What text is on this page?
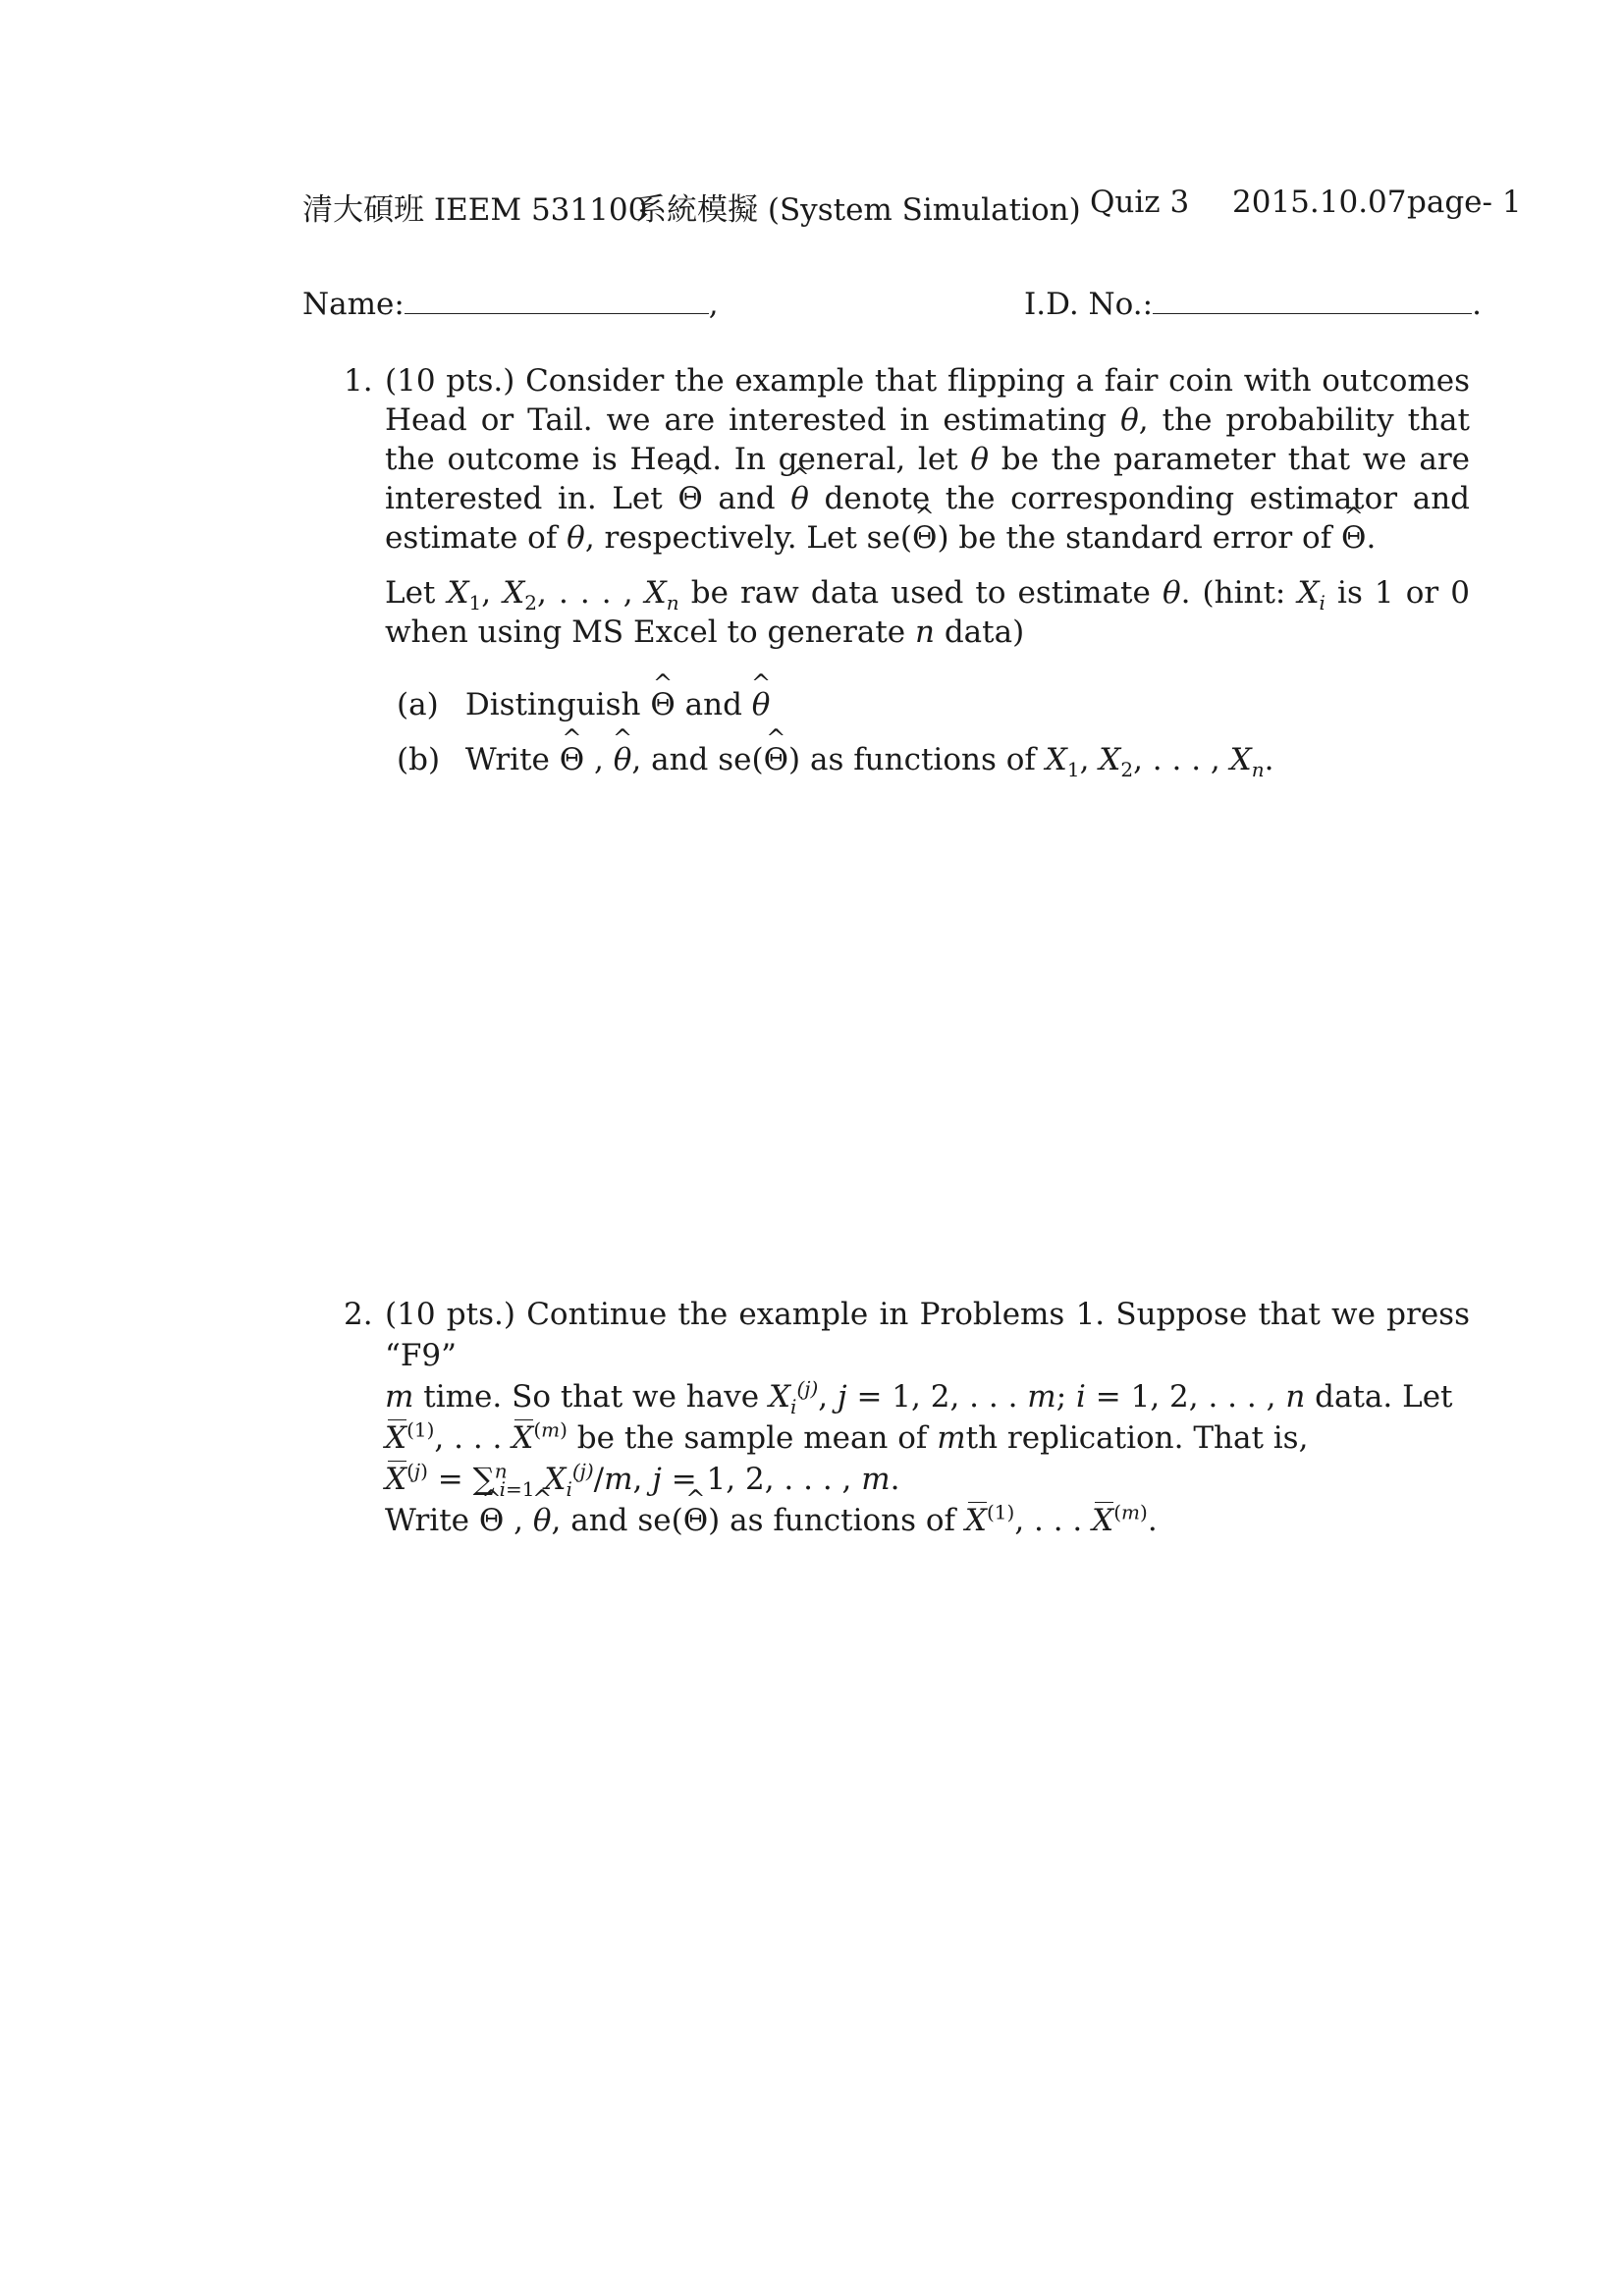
清大碩班 IEEM 531100
系統模擬 (System Simulation) Quiz 3 2015.10.07 page- 1
Name:	,	I.D. No.:	.
1. (10 pts.) Consider the example that flipping a fair coin with outcomes Head or Tail. we are interested in estimating θ, the probability that the outcome is Head. In general, let θ be the parameter that we are interested in. Let ^ Θ and ^ θ denote the corresponding estimator and estimate of θ, respectively. Let se(^ Θ) be the standard error of ^ Θ.

Let $X_1$, $X_2$, . . . , $X_n$ be raw data used to estimate θ. (hint: $X_i$ is 1 or 0 when using MS Excel to generate n data)

(a) Distinguish ^ Θ and ^ θ
(b) Write ^ Θ , ^ θ, and se(^ Θ) as functions of $X_1$, $X_2$, . . . , $X_n$.
2. (10 pts.) Continue the example in Problems 1. Suppose that we press “F9”

m time. So that we have $X_i^{(j)}$, j = 1, 2, . . . m; i = 1, 2, . . . , n data. Let

$X^{(1)}$, . . . $X^{(m)}$ be the sample mean of mth replication. That is,

$X^{(j)} = \sum^n_{i=1}$ $X_i^{(j)}/m$, j = 1, 2, . . . , m.

Write ^ Θ , ^ θ, and se(^ Θ) as functions of $X^{(1)}$, . . . $X^{(m)}$.
